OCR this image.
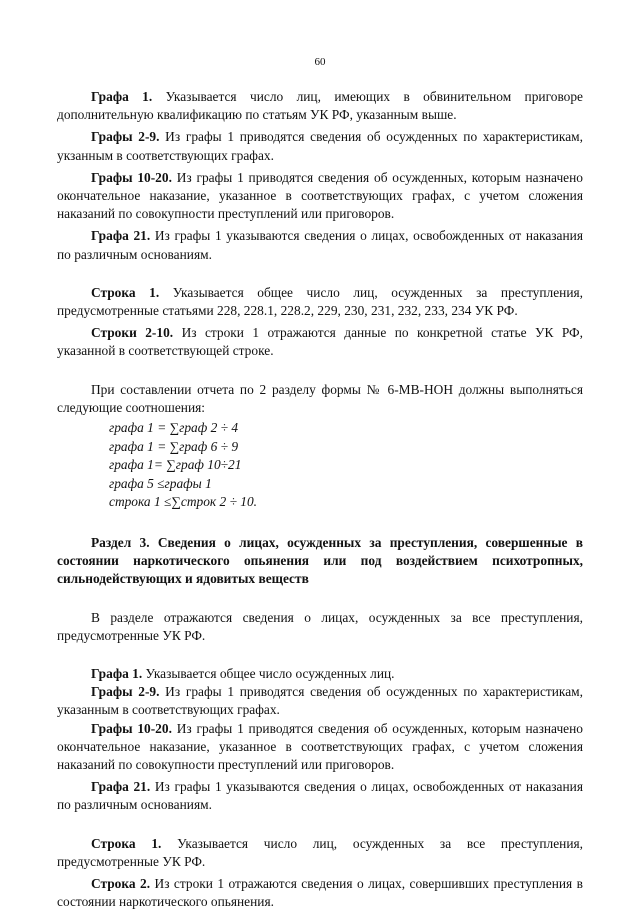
60

Графа 1. Указывается число лиц, имеющих в обвинительном приговоре дополнительную квалификацию по статьям УК РФ, указанным выше.

Графы 2-9. Из графы 1 приводятся сведения об осужденных по характеристикам, укзанным в соответствующих графах.

Графы 10-20. Из графы 1 приводятся сведения об осужденных, которым назначено окончательное наказание, указанное в соответствующих графах, с учетом сложения наказаний по совокупности преступлений или приговоров.

Графа 21. Из графы 1 указываются сведения о лицах, освобожденных от наказания по различным основаниям.

Строка 1. Указывается общее число лиц, осужденных за преступления, предусмотренные статьями 228, 228.1, 228.2, 229, 230, 231, 232, 233, 234 УК РФ.

Строки 2-10. Из строки 1 отражаются данные по конкретной статье УК РФ, указанной в соответствующей строке.

При составлении отчета по 2 разделу формы № 6-МВ-НОН должны выполняться следующие соотношения:

графа 1 = ∑граф 2 ÷ 4
графа 1 = ∑граф 6 ÷ 9
графа 1= ∑граф 10÷21
графа 5 ≤графы 1
строка 1 ≤∑строк 2 ÷ 10.
Раздел 3. Сведения о лицах, осужденных за преступления, совершенные в состоянии наркотического опьянения или под воздействием психотропных, сильнодействующих и ядовитых веществ

В разделе отражаются сведения о лицах, осужденных за все преступления, предусмотренные УК РФ.

Графа 1. Указывается общее число осужденных лиц.

Графы 2-9. Из графы 1 приводятся сведения об осужденных по характеристикам, указанным в соответствующих графах.

Графы 10-20. Из графы 1 приводятся сведения об осужденных, которым назначено окончательное наказание, указанное в соответствующих графах, с учетом сложения наказаний по совокупности преступлений или приговоров.

Графа 21. Из графы 1 указываются сведения о лицах, освобожденных от наказания по различным основаниям.

Строка 1. Указывается число лиц, осужденных за все преступления, предусмотренные УК РФ.

Строка 2. Из строки 1 отражаются сведения о лицах, совершивших преступления в состоянии наркотического опьянения.
